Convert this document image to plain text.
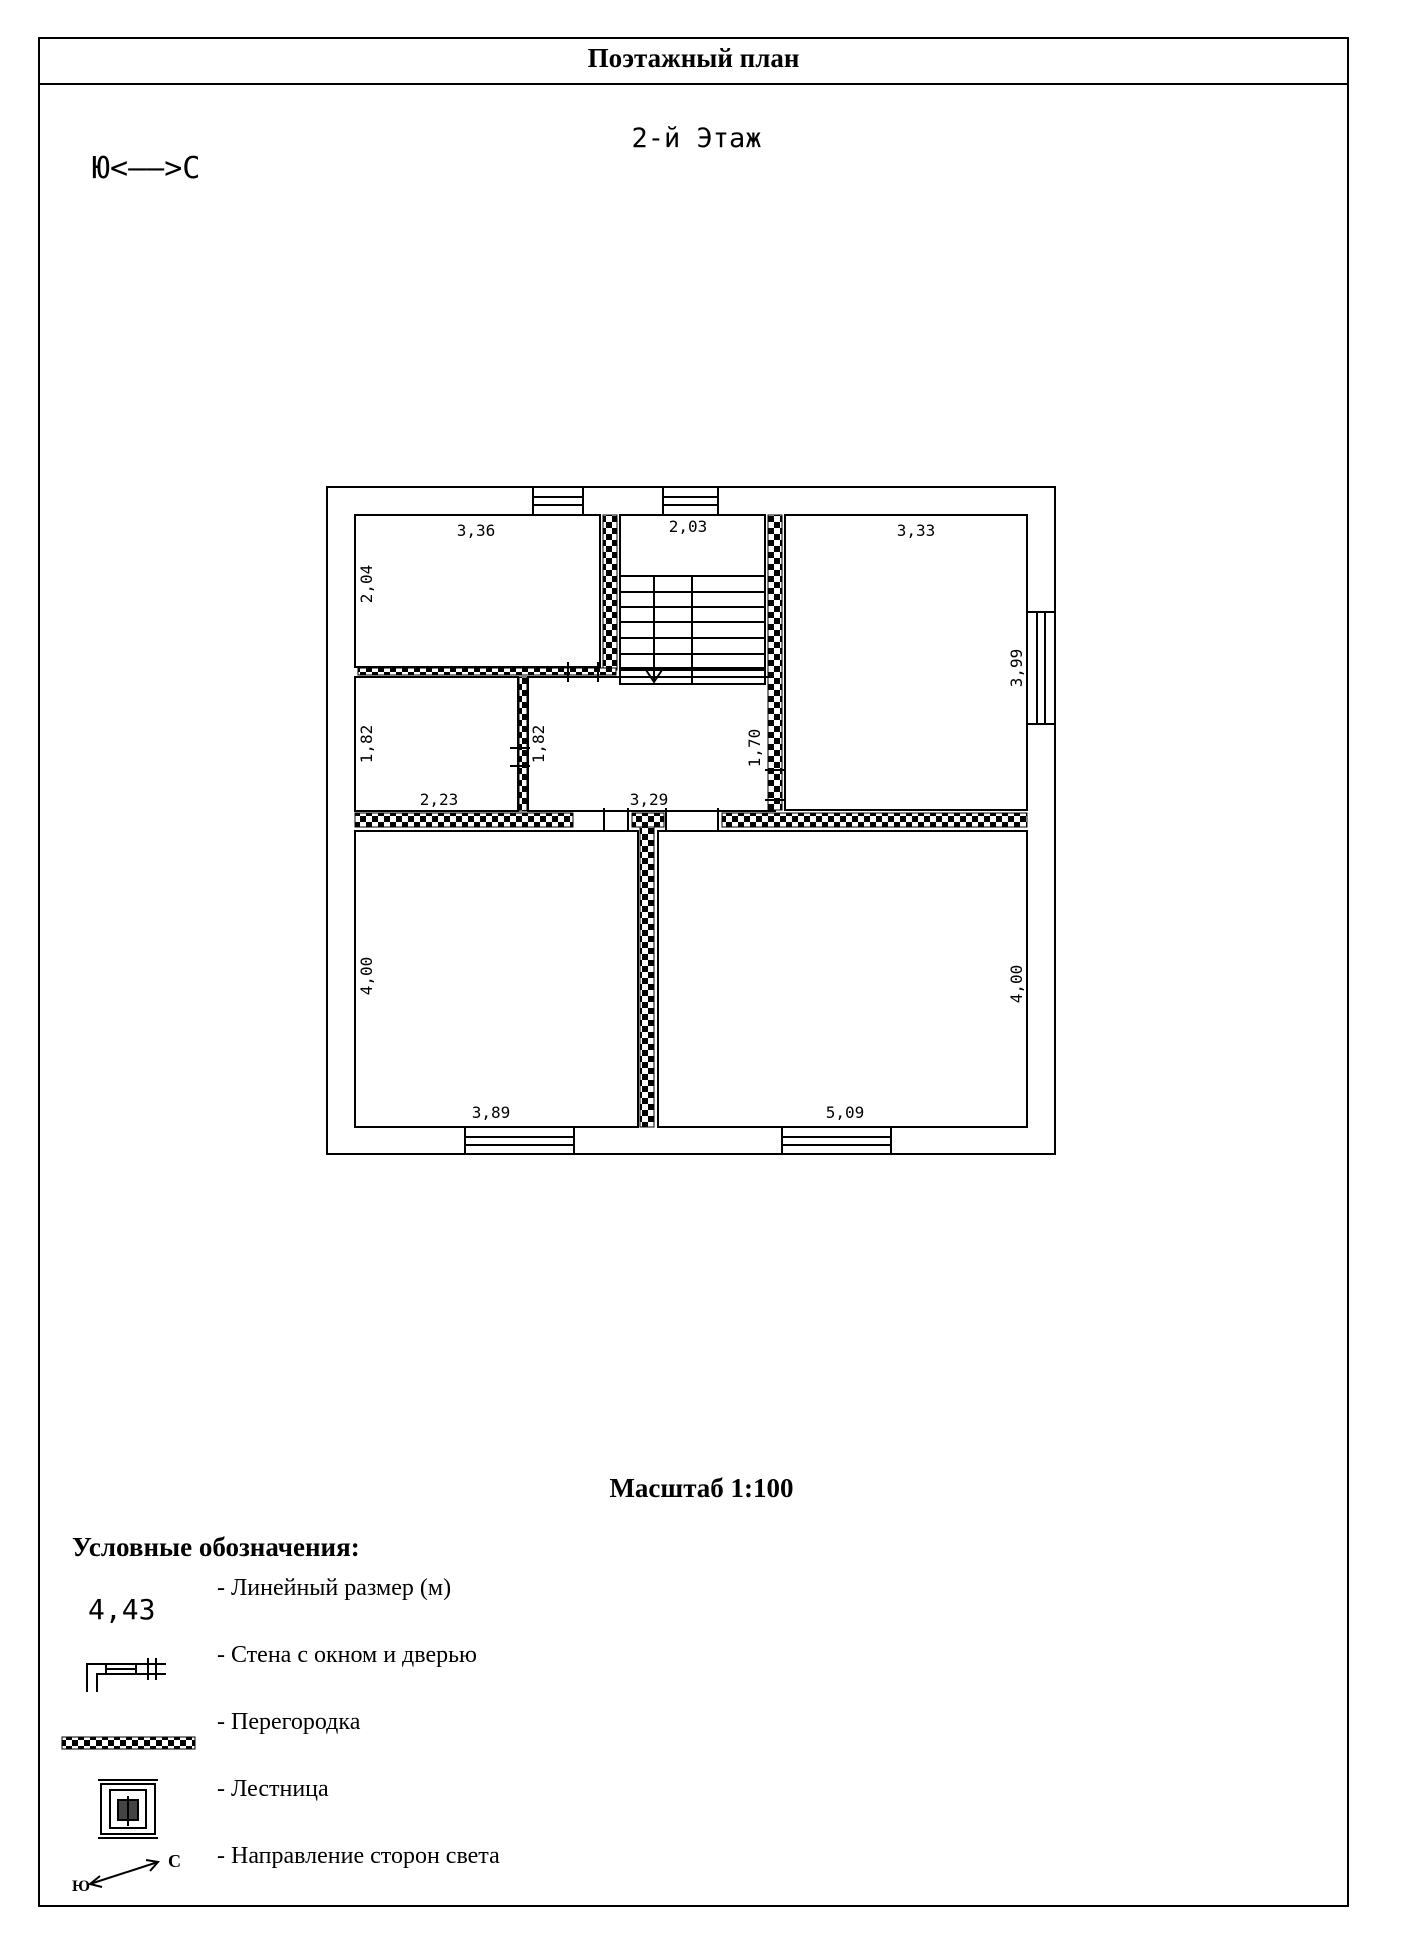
Поэтажный план
2-й Этаж
Ю<——>С
3,36	2,03	3,33
2,23	3,29
3,89	5,09
2,04
1,82	1,82	1,70
3,99
4,00	4,00
Масштаб 1:100
Условные обозначения:
4,43
- Линейный размер (м)
- Стена с окном и дверью
- Перегородка
- Лестница
- Направление сторон света
Ю
С
